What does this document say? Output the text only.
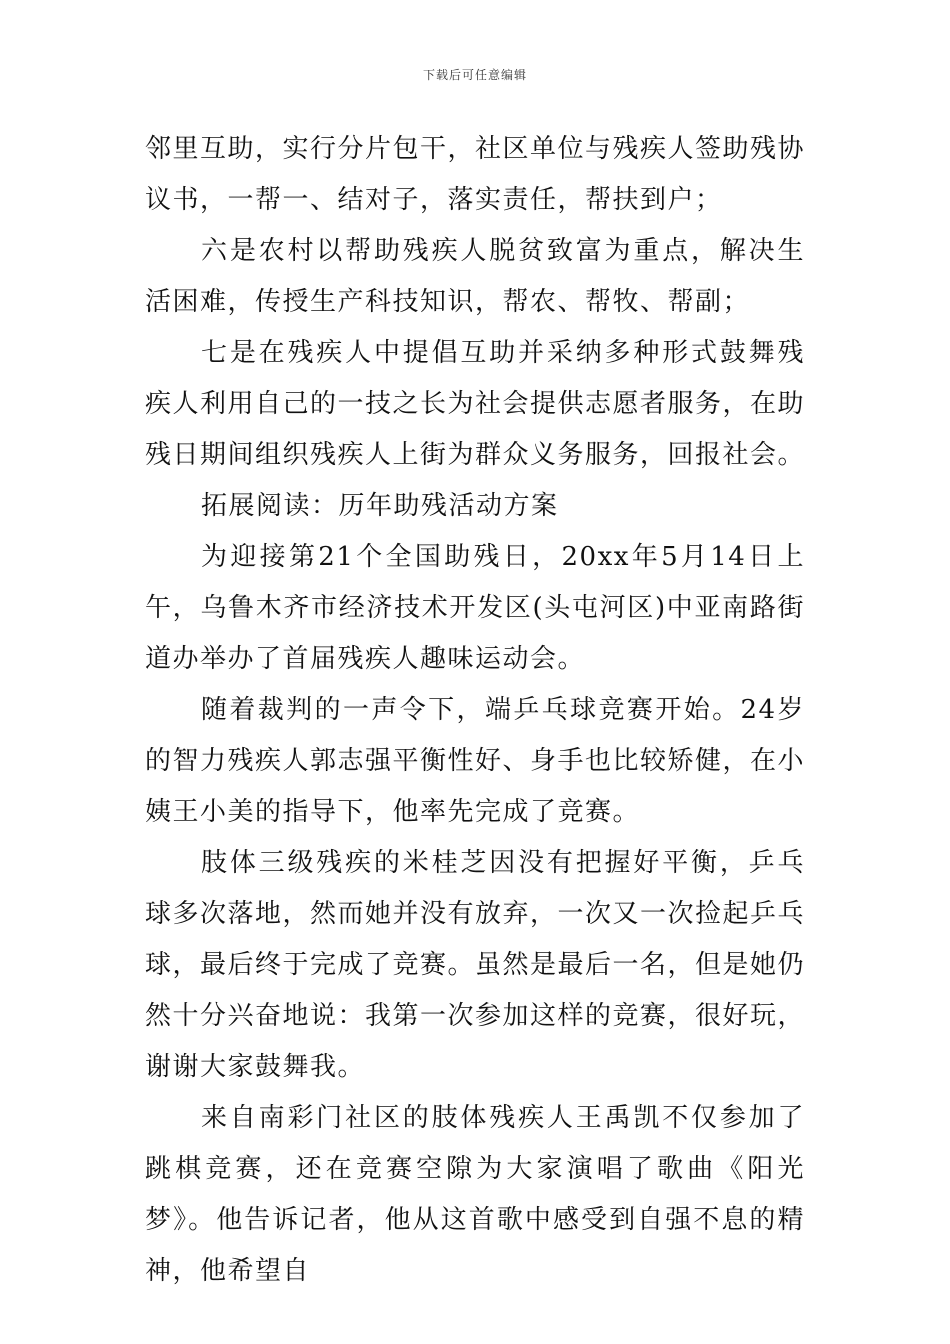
下载后可任意编辑

邻里互助，实行分片包干，社区单位与残疾人签助残协议书，一帮一、结对子，落实责任，帮扶到户；

六是农村以帮助残疾人脱贫致富为重点，解决生活困难，传授生产科技知识，帮农、帮牧、帮副；

七是在残疾人中提倡互助并采纳多种形式鼓舞残疾人利用自己的一技之长为社会提供志愿者服务，在助残日期间组织残疾人上街为群众义务服务，回报社会。

拓展阅读：历年助残活动方案

为迎接第21个全国助残日，20xx年5月14日上午，乌鲁木齐市经济技术开发区(头屯河区)中亚南路街道办举办了首届残疾人趣味运动会。

随着裁判的一声令下，端乒乓球竞赛开始。24岁的智力残疾人郭志强平衡性好、身手也比较矫健，在小姨王小美的指导下，他率先完成了竞赛。

肢体三级残疾的米桂芝因没有把握好平衡，乒乓球多次落地，然而她并没有放弃，一次又一次捡起乒乓球，最后终于完成了竞赛。虽然是最后一名，但是她仍然十分兴奋地说：我第一次参加这样的竞赛，很好玩，谢谢大家鼓舞我。

来自南彩门社区的肢体残疾人王禹凯不仅参加了跳棋竞赛，还在竞赛空隙为大家演唱了歌曲《阳光梦》。他告诉记者，他从这首歌中感受到自强不息的精神，他希望自
